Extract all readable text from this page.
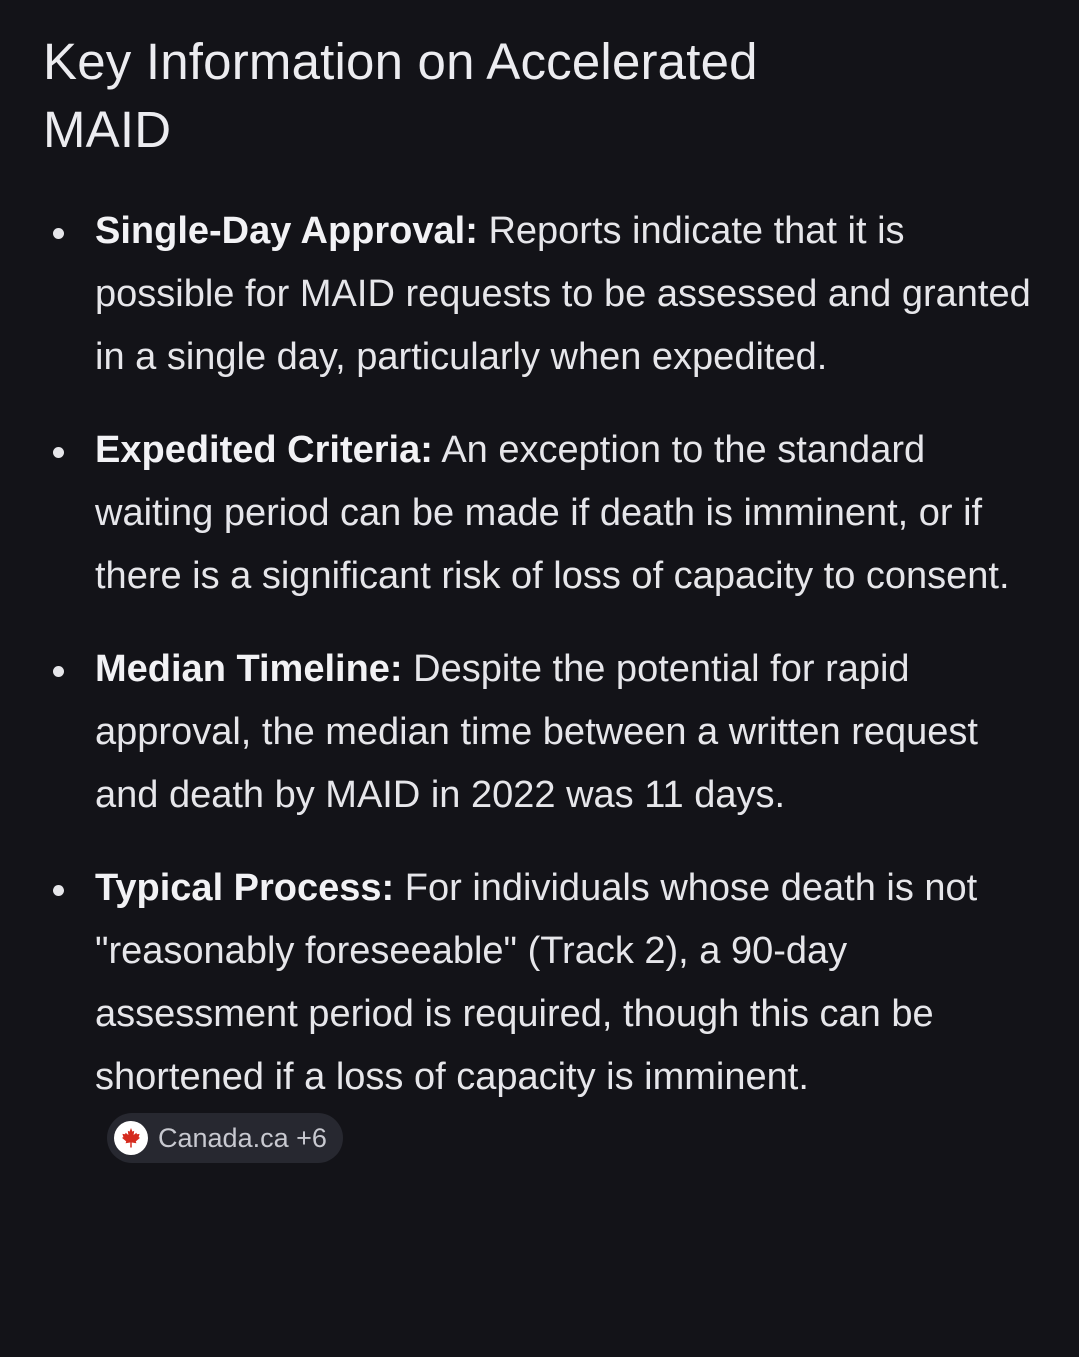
Key Information on Accelerated MAID
Single-Day Approval: Reports indicate that it is possible for MAID requests to be assessed and granted in a single day, particularly when expedited.
Expedited Criteria: An exception to the standard waiting period can be made if death is imminent, or if there is a significant risk of loss of capacity to consent.
Median Timeline: Despite the potential for rapid approval, the median time between a written request and death by MAID in 2022 was 11 days.
Typical Process: For individuals whose death is not "reasonably foreseeable" (Track 2), a 90-day assessment period is required, though this can be shortened if a loss of capacity is imminent.
Canada.ca +6
